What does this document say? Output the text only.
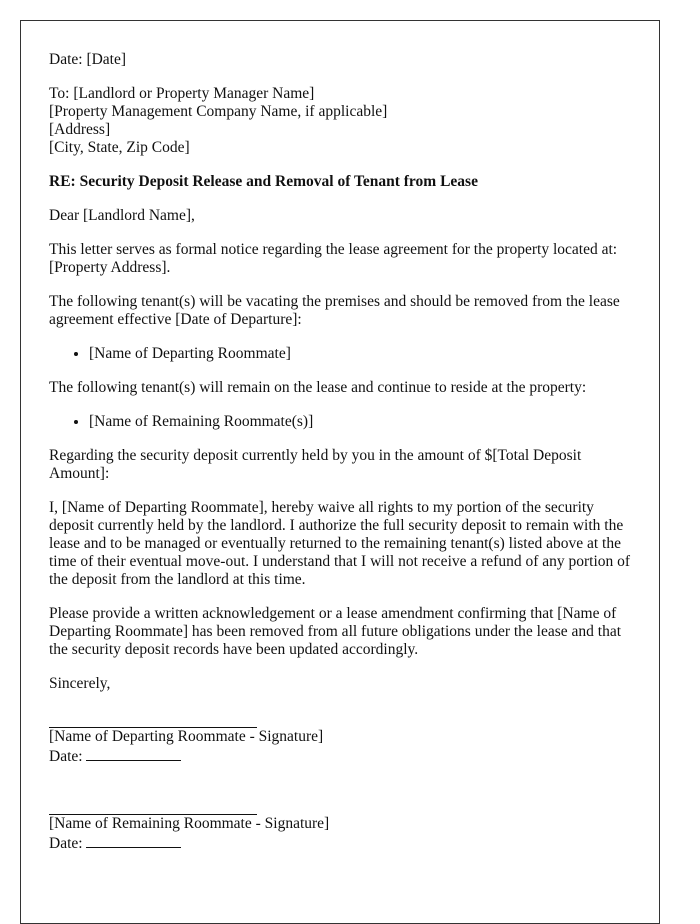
Date: [Date]

To: [Landlord or Property Manager Name]
[Property Management Company Name, if applicable]
[Address]
[City, State, Zip Code]

RE: Security Deposit Release and Removal of Tenant from Lease

Dear [Landlord Name],

This letter serves as formal notice regarding the lease agreement for the property located at: [Property Address].

The following tenant(s) will be vacating the premises and should be removed from the lease agreement effective [Date of Departure]:

• [Name of Departing Roommate]

The following tenant(s) will remain on the lease and continue to reside at the property:

• [Name of Remaining Roommate(s)]

Regarding the security deposit currently held by you in the amount of $[Total Deposit Amount]:

I, [Name of Departing Roommate], hereby waive all rights to my portion of the security deposit currently held by the landlord. I authorize the full security deposit to remain with the lease and to be managed or eventually returned to the remaining tenant(s) listed above at the time of their eventual move-out. I understand that I will not receive a refund of any portion of the deposit from the landlord at this time.

Please provide a written acknowledgement or a lease amendment confirming that [Name of Departing Roommate] has been removed from all future obligations under the lease and that the security deposit records have been updated accordingly.

Sincerely,

[Name of Departing Roommate - Signature]
Date:
[Name of Remaining Roommate - Signature]
Date:
